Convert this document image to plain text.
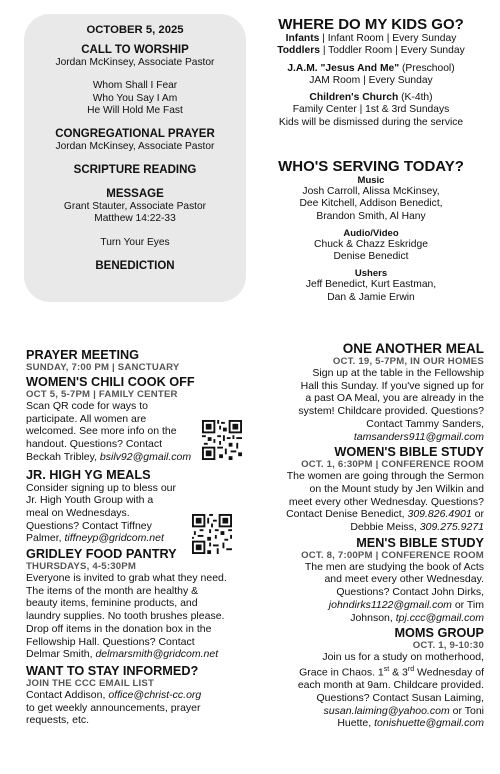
OCTOBER 5, 2025
CALL TO WORSHIP
Jordan McKinsey, Associate Pastor
Whom Shall I Fear
Who You Say I Am
He Will Hold Me Fast
CONGREGATIONAL PRAYER
Jordan McKinsey, Associate Pastor
SCRIPTURE READING
MESSAGE
Grant Stauter, Associate Pastor
Matthew 14:22-33
Turn Your Eyes
BENEDICTION
WHERE DO MY KIDS GO?
Infants | Infant Room | Every Sunday
Toddlers | Toddler Room | Every Sunday
J.A.M. "Jesus And Me" (Preschool)
JAM Room | Every Sunday
Children's Church (K-4th)
Family Center | 1st & 3rd Sundays
Kids will be dismissed during the service
WHO'S SERVING TODAY?
Music
Josh Carroll, Alissa McKinsey,
Dee Kitchell, Addison Benedict,
Brandon Smith, Al Hany
Audio/Video
Chuck & Chazz Eskridge
Denise Benedict
Ushers
Jeff Benedict, Kurt Eastman,
Dan & Jamie Erwin
PRAYER MEETING
SUNDAY, 7:00 PM | SANCTUARY
WOMEN'S CHILI COOK OFF
OCT 5, 5-7PM | FAMILY CENTER

Scan QR code for ways to

participate. All women are

welcomed. See more info on the

handout. Questions? Contact

Beckah Tribley, bsilv92@gmail.com

JR. HIGH YG MEALS

Consider signing up to bless our

Jr. High Youth Group with a

meal on Wednesdays.

Questions? Contact Tiffney

Palmer, tiffneyp@gridcom.net

GRIDLEY FOOD PANTRY
THURSDAYS, 4-5:30PM

Everyone is invited to grab what they need.

The items of the month are healthy &

beauty items, feminine products, and

laundry supplies. No tooth brushes please.

Drop off items in the donation box in the

Fellowship Hall. Questions? Contact

Delmar Smith, delmarsmith@gridcom.net

WANT TO STAY INFORMED?
JOIN THE CCC EMAIL LIST

Contact Addison, office@christ-cc.org

to get weekly announcements, prayer

requests, etc.

ONE ANOTHER MEAL
OCT. 19, 5-7PM, IN OUR HOMES

Sign up at the table in the Fellowship

Hall this Sunday. If you've signed up for

a past OA Meal, you are already in the

system! Childcare provided. Questions?

Contact Tammy Sanders,

tamsanders911@gmail.com

WOMEN'S BIBLE STUDY
OCT. 1, 6:30PM | CONFERENCE ROOM

The women are going through the Sermon

on the Mount study by Jen Wilkin and

meet every other Wednesday. Questions?

Contact Denise Benedict, 309.826.4901 or

Debbie Meiss, 309.275.9271

MEN'S BIBLE STUDY
OCT. 8, 7:00PM | CONFERENCE ROOM

The men are studying the book of Acts

and meet every other Wednesday.

Questions? Contact John Dirks,

johndirks1122@gmail.com or Tim

Johnson, tpj.ccc@gmail.com

MOMS GROUP
OCT. 1, 9-10:30

Join us for a study on motherhood,

Grace in Chaos. 1st & 3rd Wednesday of

each month at 9am. Childcare provided.

Questions? Contact Susan Laiming,

susan.laiming@yahoo.com or Toni

Huette, tonishuette@gmail.com
